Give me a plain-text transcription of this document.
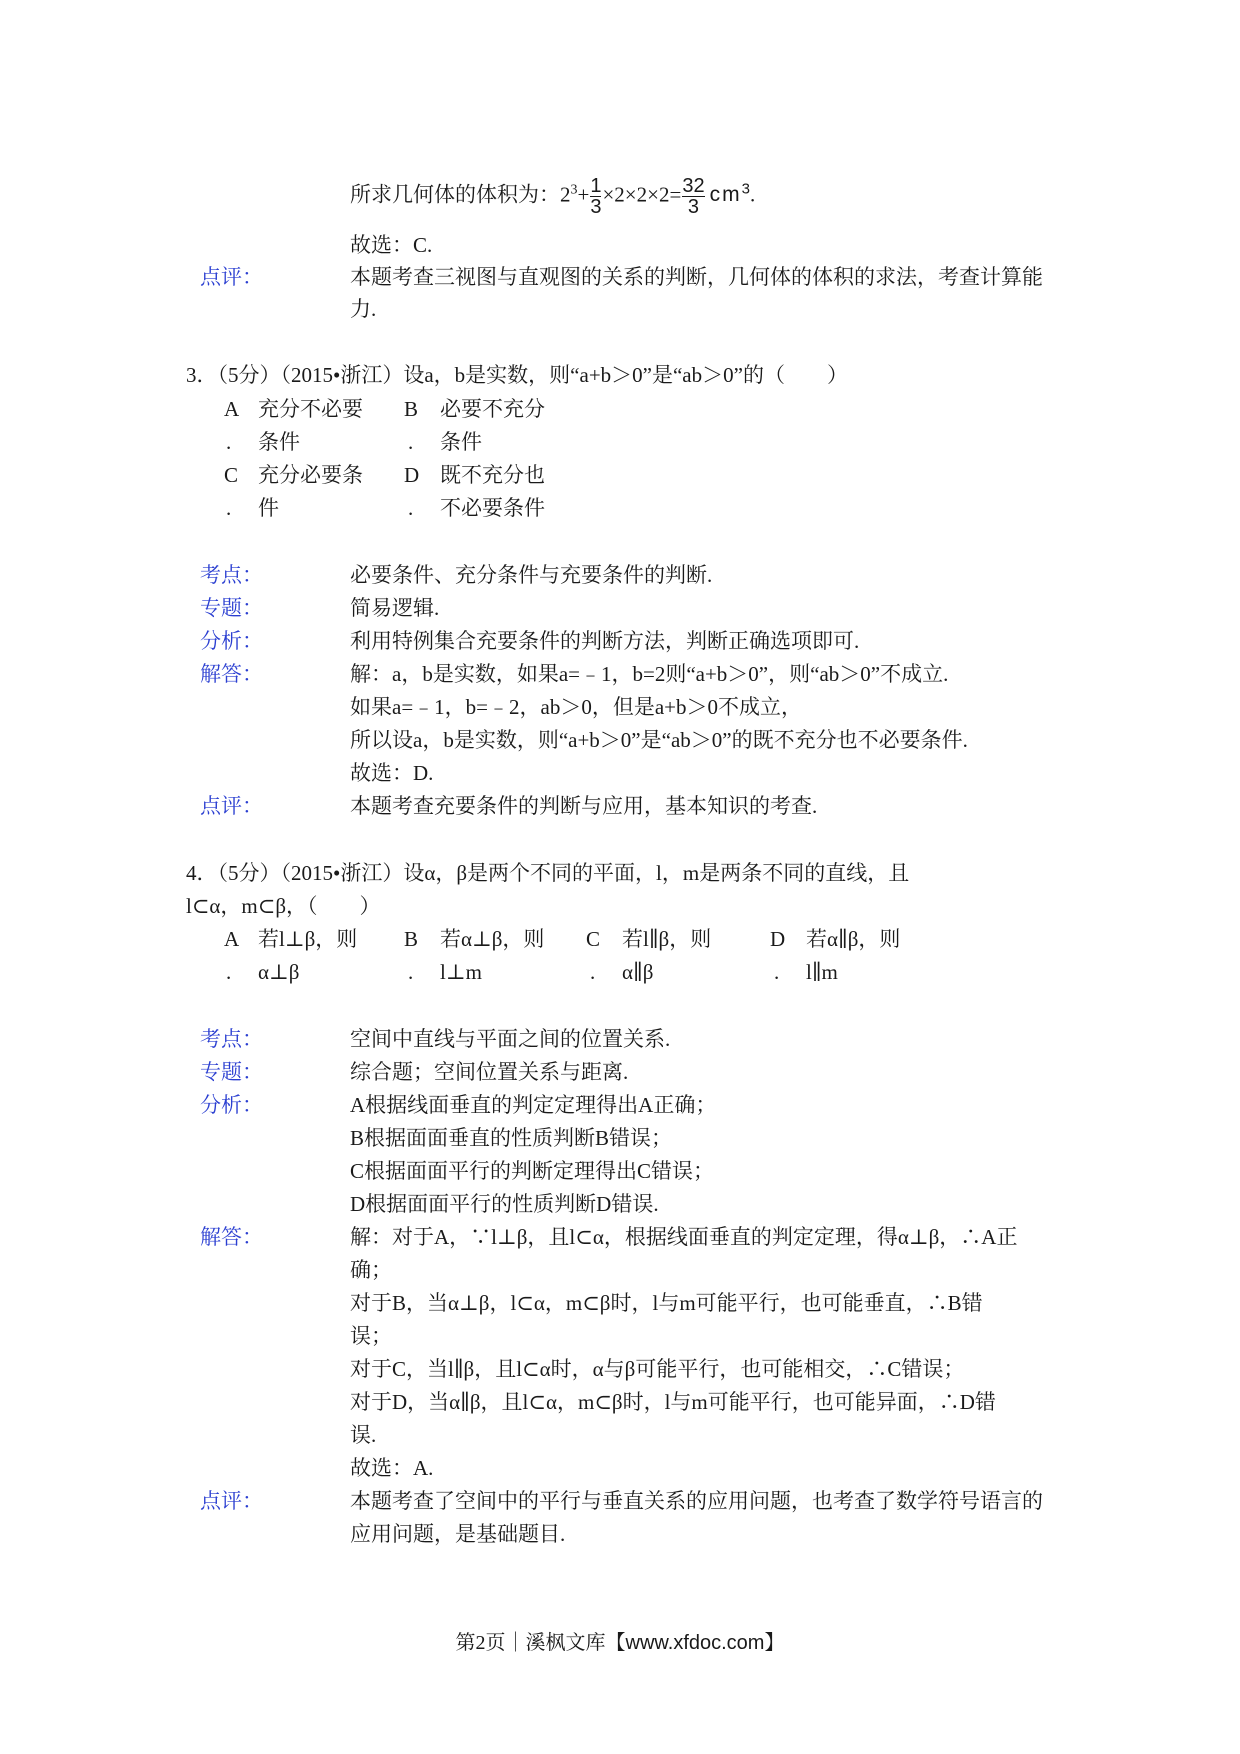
所求几何体的体积为：$2^3+ \frac{1}{3} \times 2\times 2\times 2= \frac{32}{3} cm^3$.
故选：C.
点评：	本题考查三视图与直观图的关系的判断，几何体的体积的求法，考查计算能
力.
3．（5分）（2015•浙江）设a，b是实数，则“a+b＞0”是“ab＞0”的（　　）
A 充分不必要
. 条件
B 必要不充分
. 条件
C 充分必要条
. 件
D 既不充分也
. 不必要条件
考点：	必要条件、充分条件与充要条件的判断.
专题：	简易逻辑.
分析：	利用特例集合充要条件的判断方法，判断正确选项即可.
解答：	解：a，b是实数，如果a=﹣1，b=2则“a+b＞0”，则“ab＞0”不成立.
如果a=﹣1，b=﹣2，ab＞0，但是a+b＞0不成立，
所以设a，b是实数，则“a+b＞0”是“ab＞0”的既不充分也不必要条件.
故选：D.
点评：	本题考查充要条件的判断与应用，基本知识的考查.
4．（5分）（2015•浙江）设α，β是两个不同的平面，l，m是两条不同的直线，且
l⊂α，m⊂β，（　　）
A 若l⊥β，则
. α⊥β
B 若α⊥β，则
. l⊥m
C 若l∥β，则
. α∥β
D 若α∥β，则
. l∥m
考点：	空间中直线与平面之间的位置关系.
专题：	综合题；空间位置关系与距离.
分析：	A根据线面垂直的判定定理得出A正确；
B根据面面垂直的性质判断B错误；
C根据面面平行的判断定理得出C错误；
D根据面面平行的性质判断D错误.
解答：	解：对于A，∵l⊥β，且l⊂α，根据线面垂直的判定定理，得α⊥β，∴A正
确；
对于B，当α⊥β，l⊂α，m⊂β时，l与m可能平行，也可能垂直，∴B错
误；
对于C，当l∥β，且l⊂α时，α与β可能平行，也可能相交，∴C错误；
对于D，当α∥β，且l⊂α，m⊂β时，l与m可能平行，也可能异面，∴D错
误.
故选：A.
点评：	本题考查了空间中的平行与垂直关系的应用问题，也考查了数学符号语言的
应用问题，是基础题目.
第2页｜溪枫文库【www.xfdoc.com】
